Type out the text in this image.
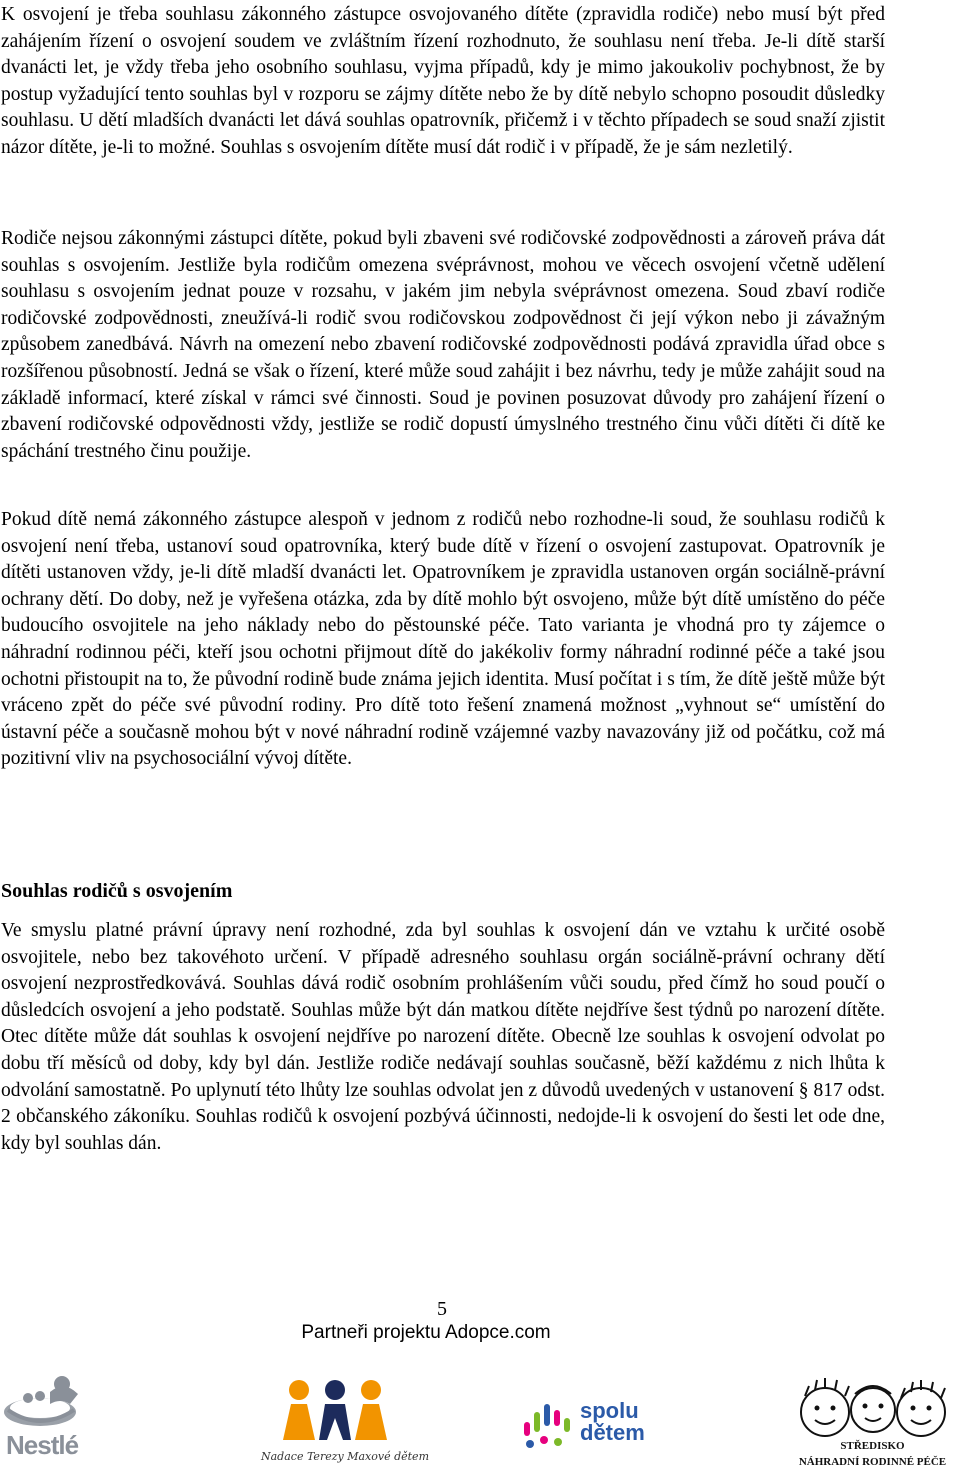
K osvojení je třeba souhlasu zákonného zástupce osvojovaného dítěte (zpravidla rodiče) nebo musí být před zahájením řízení o osvojení soudem ve zvláštním řízení rozhodnuto, že souhlasu není třeba. Je-li dítě starší dvanácti let, je vždy třeba jeho osobního souhlasu, vyjma případů, kdy je mimo jakoukoliv pochybnost, že by postup vyžadující tento souhlas byl v rozporu se zájmy dítěte nebo že by dítě nebylo schopno posoudit důsledky souhlasu. U dětí mladších dvanácti let dává souhlas opatrovník, přičemž i v těchto případech se soud snaží zjistit názor dítěte, je-li to možné. Souhlas s osvojením dítěte musí dát rodič i v případě, že je sám nezletilý.

Rodiče nejsou zákonnými zástupci dítěte, pokud byli zbaveni své rodičovské zodpovědnosti a zároveň práva dát souhlas s osvojením. Jestliže byla rodičům omezena svéprávnost, mohou ve věcech osvojení včetně udělení souhlasu s osvojením jednat pouze v rozsahu, v jakém jim nebyla svéprávnost omezena. Soud zbaví rodiče rodičovské zodpovědnosti, zneužívá-li rodič svou rodičovskou zodpovědnost či její výkon nebo ji závažným způsobem zanedbává. Návrh na omezení nebo zbavení rodičovské zodpovědnosti podává zpravidla úřad obce s rozšířenou působností. Jedná se však o řízení, které může soud zahájit i bez návrhu, tedy je může zahájit soud na základě informací, které získal v rámci své činnosti. Soud je povinen posuzovat důvody pro zahájení řízení o zbavení rodičovské odpovědnosti vždy, jestliže se rodič dopustí úmyslného trestného činu vůči dítěti či dítě ke spáchání trestného činu použije.

Pokud dítě nemá zákonného zástupce alespoň v jednom z rodičů nebo rozhodne-li soud, že souhlasu rodičů k osvojení není třeba, ustanoví soud opatrovníka, který bude dítě v řízení o osvojení zastupovat. Opatrovník je dítěti ustanoven vždy, je-li dítě mladší dvanácti let. Opatrovníkem je zpravidla ustanoven orgán sociálně-právní ochrany dětí. Do doby, než je vyřešena otázka, zda by dítě mohlo být osvojeno, může být dítě umístěno do péče budoucího osvojitele na jeho náklady nebo do pěstounské péče. Tato varianta je vhodná pro ty zájemce o náhradní rodinnou péči, kteří jsou ochotni přijmout dítě do jakékoliv formy náhradní rodinné péče a také jsou ochotni přistoupit na to, že původní rodině bude známa jejich identita. Musí počítat i s tím, že dítě ještě může být vráceno zpět do péče své původní rodiny. Pro dítě toto řešení znamená možnost „vyhnout se“ umístění do ústavní péče a současně mohou být v nové náhradní rodině vzájemné vazby navazovány již od počátku, což má pozitivní vliv na psychosociální vývoj dítěte.

Souhlas rodičů s osvojením

Ve smyslu platné právní úpravy není rozhodné, zda byl souhlas k osvojení dán ve vztahu k určité osobě osvojitele, nebo bez takovéhoto určení. V případě adresného souhlasu orgán sociálně-právní ochrany dětí osvojení nezprostředkovává. Souhlas dává rodič osobním prohlášením vůči soudu, před čímž ho soud poučí o důsledcích osvojení a jeho podstatě. Souhlas může být dán matkou dítěte nejdříve šest týdnů po narození dítěte. Otec dítěte může dát souhlas k osvojení nejdříve po narození dítěte. Obecně lze souhlas k osvojení odvolat po dobu tří měsíců od doby, kdy byl dán. Jestliže rodiče nedávají souhlas současně, běží každému z nich lhůta k odvolání samostatně. Po uplynutí této lhůty lze souhlas odvolat jen z důvodů uvedených v ustanovení § 817 odst. 2 občanského zákoníku. Souhlas rodičů k osvojení pozbývá účinnosti, nedojde-li k osvojení do šesti let ode dne, kdy byl souhlas dán.

5
Partneři projektu Adopce.com
Nestlé	Nadace Terezy Maxové dětem
spolu
dětem
STŘEDISKO
NÁHRADNÍ RODINNÉ PÉČE
